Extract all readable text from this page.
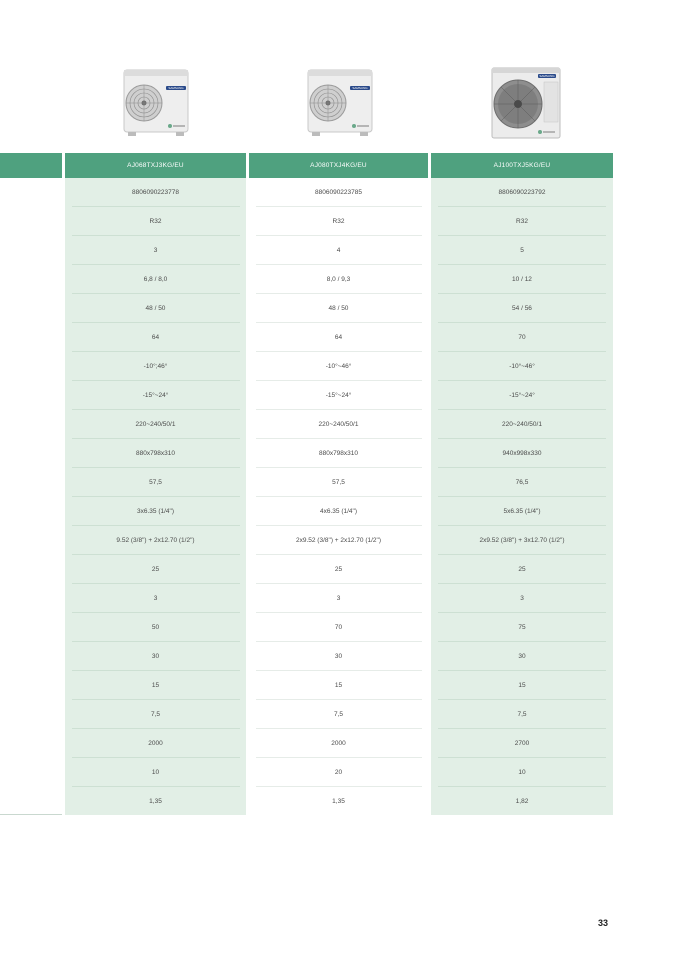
SAMSUNG	SAMSUNG
SAMSUNG
AJ068TXJ3KG/EU	AJ080TXJ4KG/EU	AJ100TXJ5KG/EU
8806090223778	8806090223785	8806090223792
R32	R32	R32
3	4	5
6,8 / 8,0	8,0 / 9,3	10 / 12
48 / 50	48 / 50	54 / 56
64	64	70
-10°;46°	-10°~46°	-10°~46°
-15°~24°	-15°~24°	-15°~24°
220~240/50/1	220~240/50/1	220~240/50/1
880x798x310	880x798x310	940x998x330
57,5	57,5	76,5
3x6.35 (1/4")	4x6.35 (1/4")	5x6.35 (1/4")
9.52 (3/8") + 2x12.70 (1/2")	2x9.52 (3/8") + 2x12.70 (1/2")	2x9.52 (3/8") + 3x12.70 (1/2")
25	25	25
3	3	3
50	70	75
30	30	30
15	15	15
7,5	7,5	7,5
2000	2000	2700
10	20	10
1,35	1,35	1,82
33
